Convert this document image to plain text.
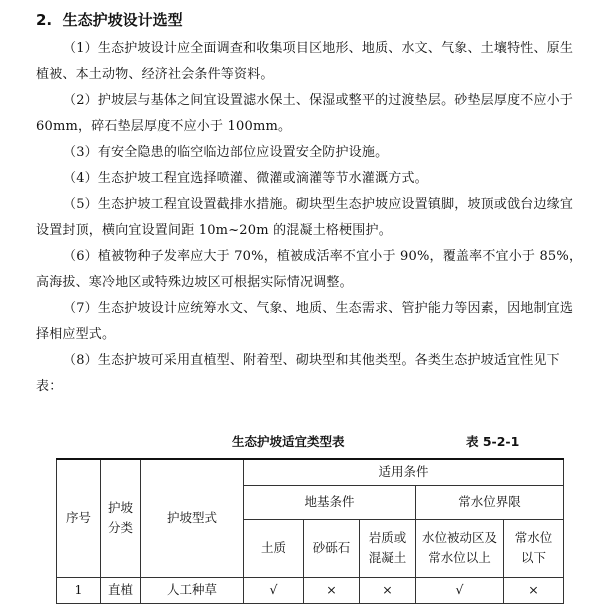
2. 生态护坡设计选型

（1）生态护坡设计应全面调查和收集项目区地形、地质、水文、气象、土壤特性、原生植被、本土动物、经济社会条件等资料。

（2）护坡层与基体之间宜设置滤水保土、保湿或整平的过渡垫层。砂垫层厚度不应小于 60mm，碎石垫层厚度不应小于 100mm。

（3）有安全隐患的临空临边部位应设置安全防护设施。

（4）生态护坡工程宜选择喷灌、微灌或滴灌等节水灌溉方式。

（5）生态护坡工程宜设置截排水措施。砌块型生态护坡应设置镇脚，坡顶或戗台边缘宜设置封顶，横向宜设置间距 10m~20m 的混凝土格梗围护。

（6）植被物种子发率应大于 70%，植被成活率不宜小于 90%，覆盖率不宜小于 85%，高海拔、寒冷地区或特殊边坡区可根据实际情况调整。

（7）生态护坡设计应统筹水文、气象、地质、生态需求、管护能力等因素，因地制宜选择相应型式。

（8）生态护坡可采用直植型、附着型、砌块型和其他类型。各类生态护坡适宜性见下表：

生态护坡适宜类型表	表 5-2-1
序号	护坡分类	护坡型式	适用条件				
			地基条件			常水位界限	
			土质	砂砾石	岩质或混凝土	水位被动区及常水位以上	常水位以下
1	直植	人工种草	√	×	×	√	×
